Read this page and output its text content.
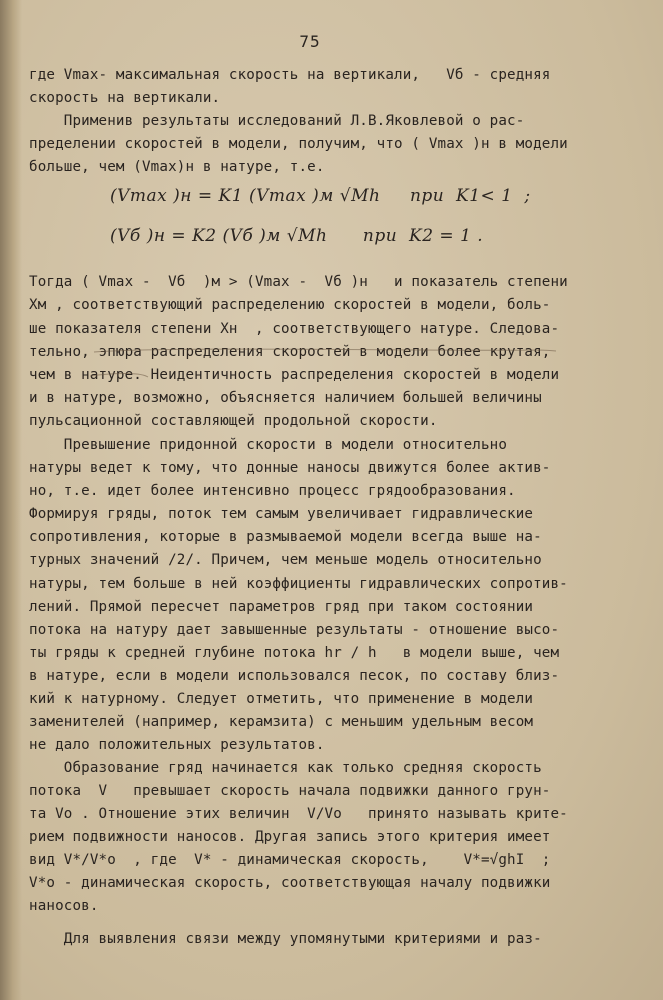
75
где Vmax- максимальная скорость на вертикали,   Vб - средняя
скорость на вертикали.
Применив результаты исследований Л.В.Яковлевой о рас-
пределении скоростей в модели, получим, что ( Vmax )н в модели
больше, чем (Vmax)н в натуре, т.е.
(Vmax )н = K1 (Vmax )м √Mh     при  K1< 1  ;
(Vб )н = K2 (Vб )м √Mh      при  K2 = 1 .
Тогда ( Vmax -  Vб  )м > (Vmax -  Vб )н   и показатель степени
Xм , соответствующий распределению скоростей в модели, боль-
ше показателя степени Xн  , соответствующего натуре. Следова-
тельно, эпюра распределения скоростей в модели более крутая,
чем в натуре. Неидентичность распределения скоростей в модели
и в натуре, возможно, объясняется наличием большей величины
пульсационной составляющей продольной скорости.
Превышение придонной скорости в модели относительно
натуры ведет к тому, что донные наносы движутся более актив-
но, т.е. идет более интенсивно процесс грядообразования.
Формируя гряды, поток тем самым увеличивает гидравлические
сопротивления, которые в размываемой модели всегда выше на-
турных значений /2/. Причем, чем меньше модель относительно
натуры, тем больше в ней коэффициенты гидравлических сопротив-
лений. Прямой пересчет параметров гряд при таком состоянии
потока на натуру дает завышенные результаты - отношение высо-
ты гряды к средней глубине потока hr / h   в модели выше, чем
в натуре, если в модели использовался песок, по составу близ-
кий к натурному. Следует отметить, что применение в модели
заменителей (например, керамзита) с меньшим удельным весом
не дало положительных результатов.
Образование гряд начинается как только средняя скорость
потока  V   превышает скорость начала подвижки данного грун-
та Vo . Отношение этих величин  V/Vo   принято называть крите-
рием подвижности наносов. Другая запись этого критерия имеет
вид V*/V*o  , где  V* - динамическая скорость,    V*=√ghI  ;
V*o - динамическая скорость, соответствующая началу подвижки
наносов.
Для выявления связи между упомянутыми критериями и раз-
